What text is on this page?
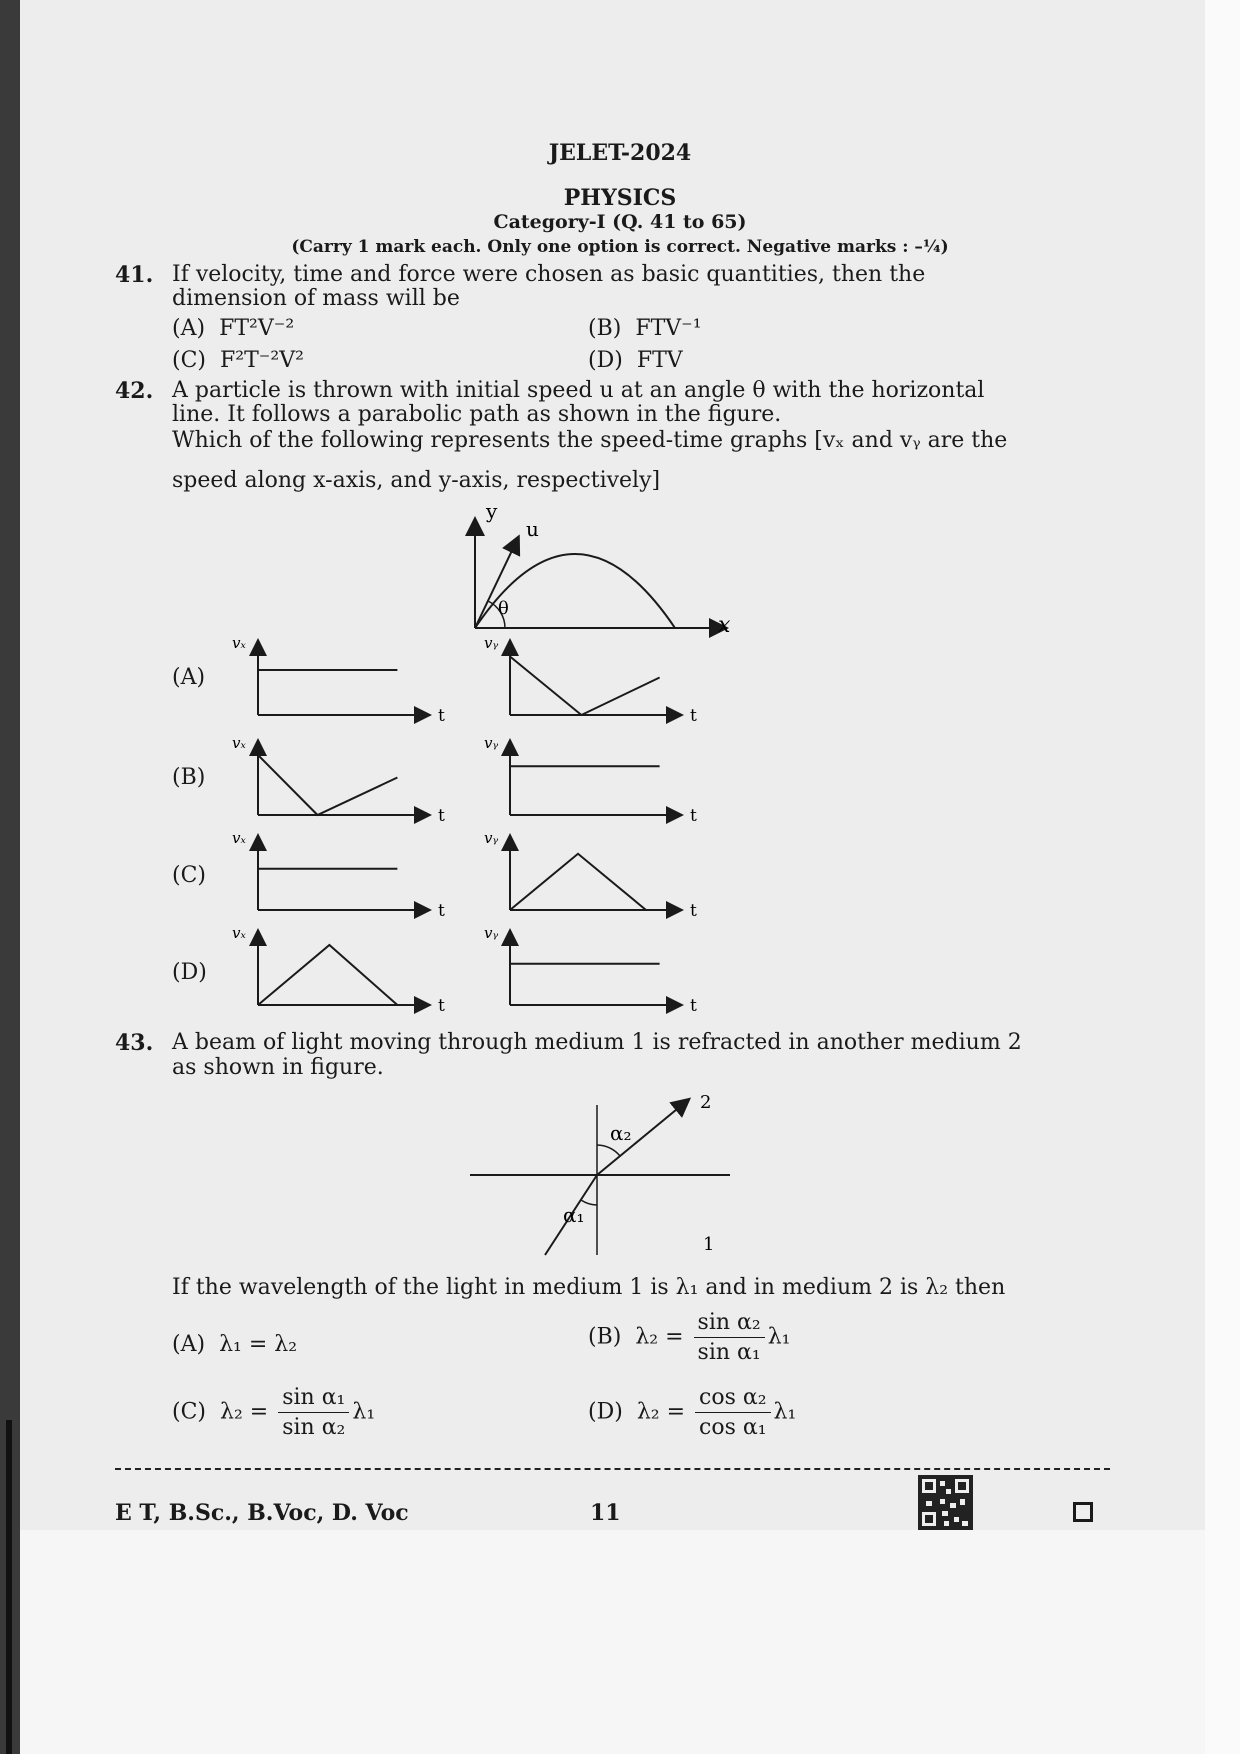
JELET-2024
PHYSICS
Category-I (Q. 41 to 65)
(Carry 1 mark each. Only one option is correct. Negative marks : –¼)
41. If velocity, time and force were chosen as basic quantities, then the
dimension of mass will be
(A) FT²V⁻²	(B) FTV⁻¹
(C) F²T⁻²V²	(D) FTV
42. A particle is thrown with initial speed u at an angle θ with the horizontal
line. It follows a parabolic path as shown in the figure.
Which of the following represents the speed-time graphs [vₓ and vᵧ are the
speed along x-axis, and y-axis, respectively]
y
x
u
θ
(A)
(B)
(C)
(D)
vₓ
t
vᵧ
t
vₓ
t
vᵧ
t
vₓ
t
vᵧ
t
vₓ
t
vᵧ
t
43. A beam of light moving through medium 1 is refracted in another medium 2
as shown in figure.
α₂
α₁
2
1
If the wavelength of the light in medium 1 is λ₁ and in medium 2 is λ₂ then
(A) λ₁ = λ₂	(B) $\lambda_2 = \frac{\text{sin α₂}}{\text{sin α₁}} \lambda_1$
(C) $\lambda_2 = \frac{\text{sin α₁}}{\text{sin α₂}} \lambda_1$	(D) $\lambda_2 = \frac{\text{cos α₂}}{\text{cos α₁}} \lambda_1$
E T, B.Sc., B.Voc, D. Voc	11
